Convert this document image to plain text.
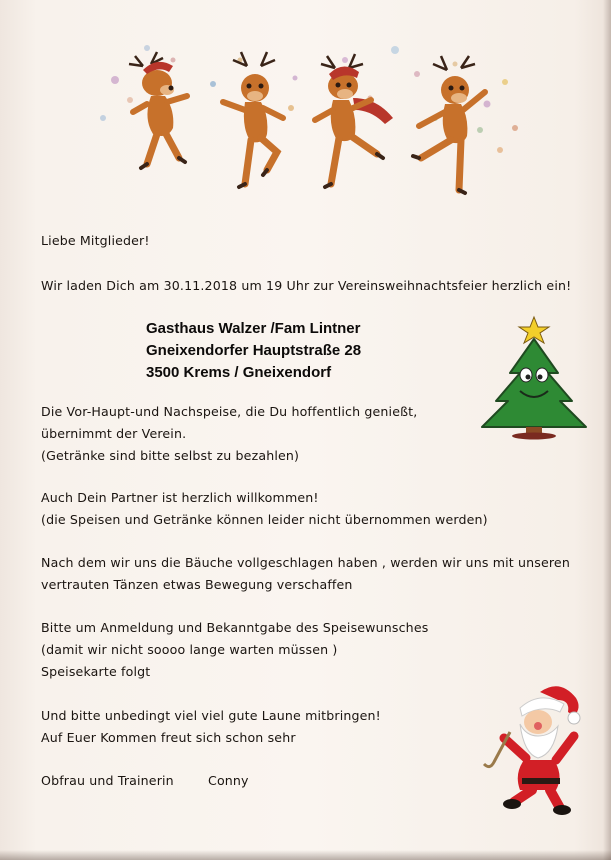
Liebe Mitglieder!
Wir laden Dich am 30.11.2018 um 19 Uhr zur Vereinsweihnachtsfeier herzlich ein!
Gasthaus Walzer /Fam Lintner
Gneixendorfer Hauptstraße 28
3500 Krems / Gneixendorf
Die Vor-Haupt-und Nachspeise, die Du hoffentlich genießt,
übernimmt der Verein.
(Getränke sind bitte selbst zu bezahlen)
Auch Dein Partner ist herzlich willkommen!
(die Speisen und Getränke können leider nicht übernommen werden)
Nach dem wir uns die Bäuche vollgeschlagen haben , werden wir uns mit unseren
vertrauten Tänzen etwas Bewegung verschaffen
Bitte um Anmeldung und Bekanntgabe des Speisewunsches
(damit wir nicht soooo lange warten müssen )
Speisekarte folgt
Und bitte unbedingt viel viel gute Laune mitbringen!
Auf Euer Kommen freut sich schon sehr
Obfrau und Trainerin	Conny
